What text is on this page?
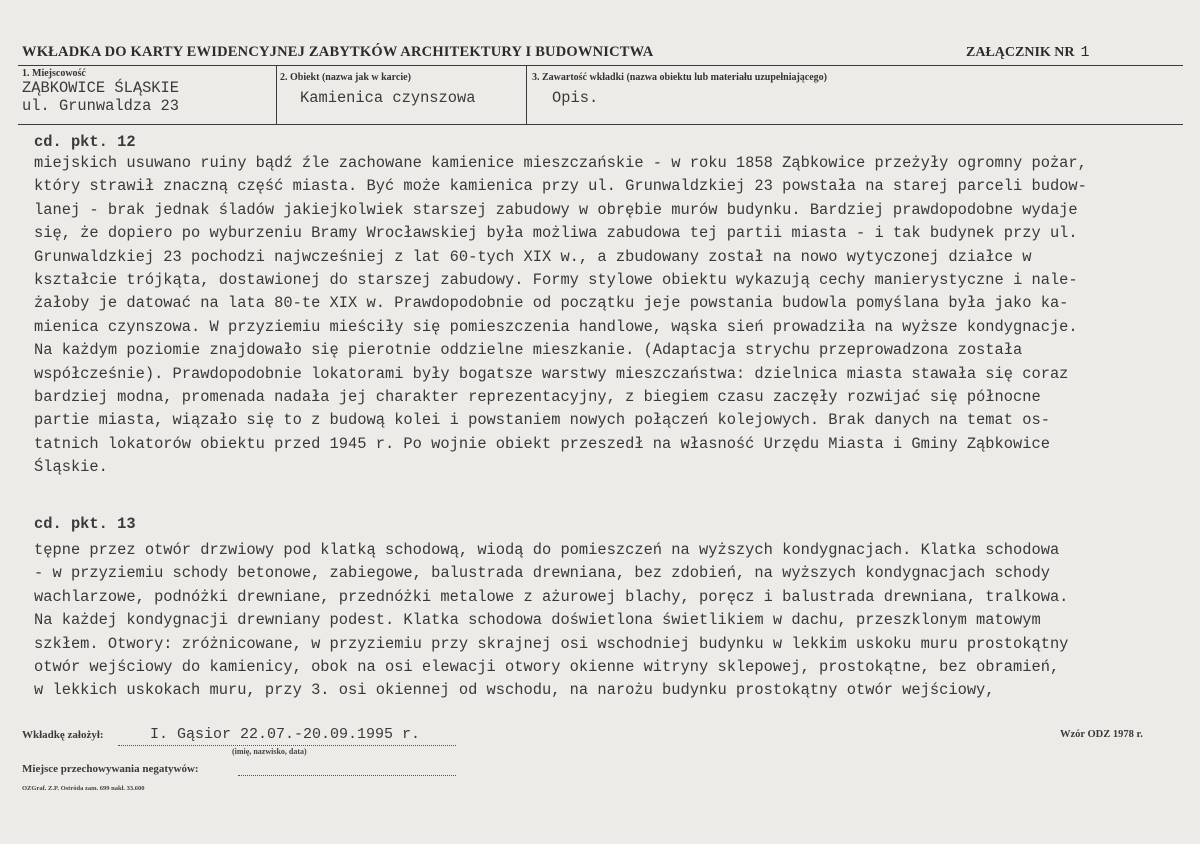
WKŁADKA DO KARTY EWIDENCYJNEJ ZABYTKÓW ARCHITEKTURY I BUDOWNICTWA	ZAŁĄCZNIK NR 1
1. Miejscowość
ZĄBKOWICE ŚLĄSKIE
ul. Grunwaldza 23
2. Obiekt (nazwa jak w karcie)
Kamienica czynszowa
3. Zawartość wkładki (nazwa obiektu lub materiału uzupełniającego)
Opis.
cd. pkt. 12
miejskich usuwano ruiny bądź źle zachowane kamienice mieszczańskie - w roku 1858 Ząbkowice przeżyły ogromny pożar,
który strawił znaczną część miasta. Być może kamienica przy ul. Grunwaldzkiej 23 powstała na starej parceli budow-
lanej - brak jednak śladów jakiejkolwiek starszej zabudowy w obrębie murów budynku. Bardziej prawdopodobne wydaje
się, że dopiero po wyburzeniu Bramy Wrocławskiej była możliwa zabudowa tej partii miasta - i tak budynek przy ul.
Grunwaldzkiej 23 pochodzi najwcześniej z lat 60-tych XIX w., a zbudowany został na nowo wytyczonej działce w
kształcie trójkąta, dostawionej do starszej zabudowy. Formy stylowe obiektu wykazują cechy manierystyczne i nale-
żałoby je datować na lata 80-te XIX w. Prawdopodobnie od początku jeje powstania budowla pomyślana była jako ka-
mienica czynszowa. W przyziemiu mieściły się pomieszczenia handlowe, wąska sień prowadziła na wyższe kondygnacje.
Na każdym poziomie znajdowało się pierotnie oddzielne mieszkanie. (Adaptacja strychu przeprowadzona została
współcześnie). Prawdopodobnie lokatorami były bogatsze warstwy mieszczaństwa: dzielnica miasta stawała się coraz
bardziej modna, promenada nadała jej charakter reprezentacyjny, z biegiem czasu zaczęły rozwijać się północne
partie miasta, wiązało się to z budową kolei i powstaniem nowych połączeń kolejowych. Brak danych na temat os-
tatnich lokatorów obiektu przed 1945 r. Po wojnie obiekt przeszedł na własność Urzędu Miasta i Gminy Ząbkowice
Śląskie.
cd. pkt. 13
tępne przez otwór drzwiowy pod klatką schodową, wiodą do pomieszczeń na wyższych kondygnacjach. Klatka schodowa
- w przyziemiu schody betonowe, zabiegowe, balustrada drewniana, bez zdobień, na wyższych kondygnacjach schody
wachlarzowe, podnóżki drewniane, przednóżki metalowe z ażurowej blachy, poręcz i balustrada drewniana, tralkowa.
Na każdej kondygnacji drewniany podest. Klatka schodowa doświetlona świetlikiem w dachu, przeszklonym matowym
szkłem. Otwory: zróżnicowane, w przyziemiu przy skrajnej osi wschodniej budynku w lekkim uskoku muru prostokątny
otwór wejściowy do kamienicy, obok na osi elewacji otwory okienne witryny sklepowej, prostokątne, bez obramień,
w lekkich uskokach muru, przy 3. osi okiennej od wschodu, na narożu budynku prostokątny otwór wejściowy,
Wkładkę założył:	I. Gąsior 22.07.-20.09.1995 r.
(imię, nazwisko, data)
Wzór ODZ 1978 r.
Miejsce przechowywania negatywów:
OZGraf. Z.P. Ostróda zam. 699 nakł. 33.600
